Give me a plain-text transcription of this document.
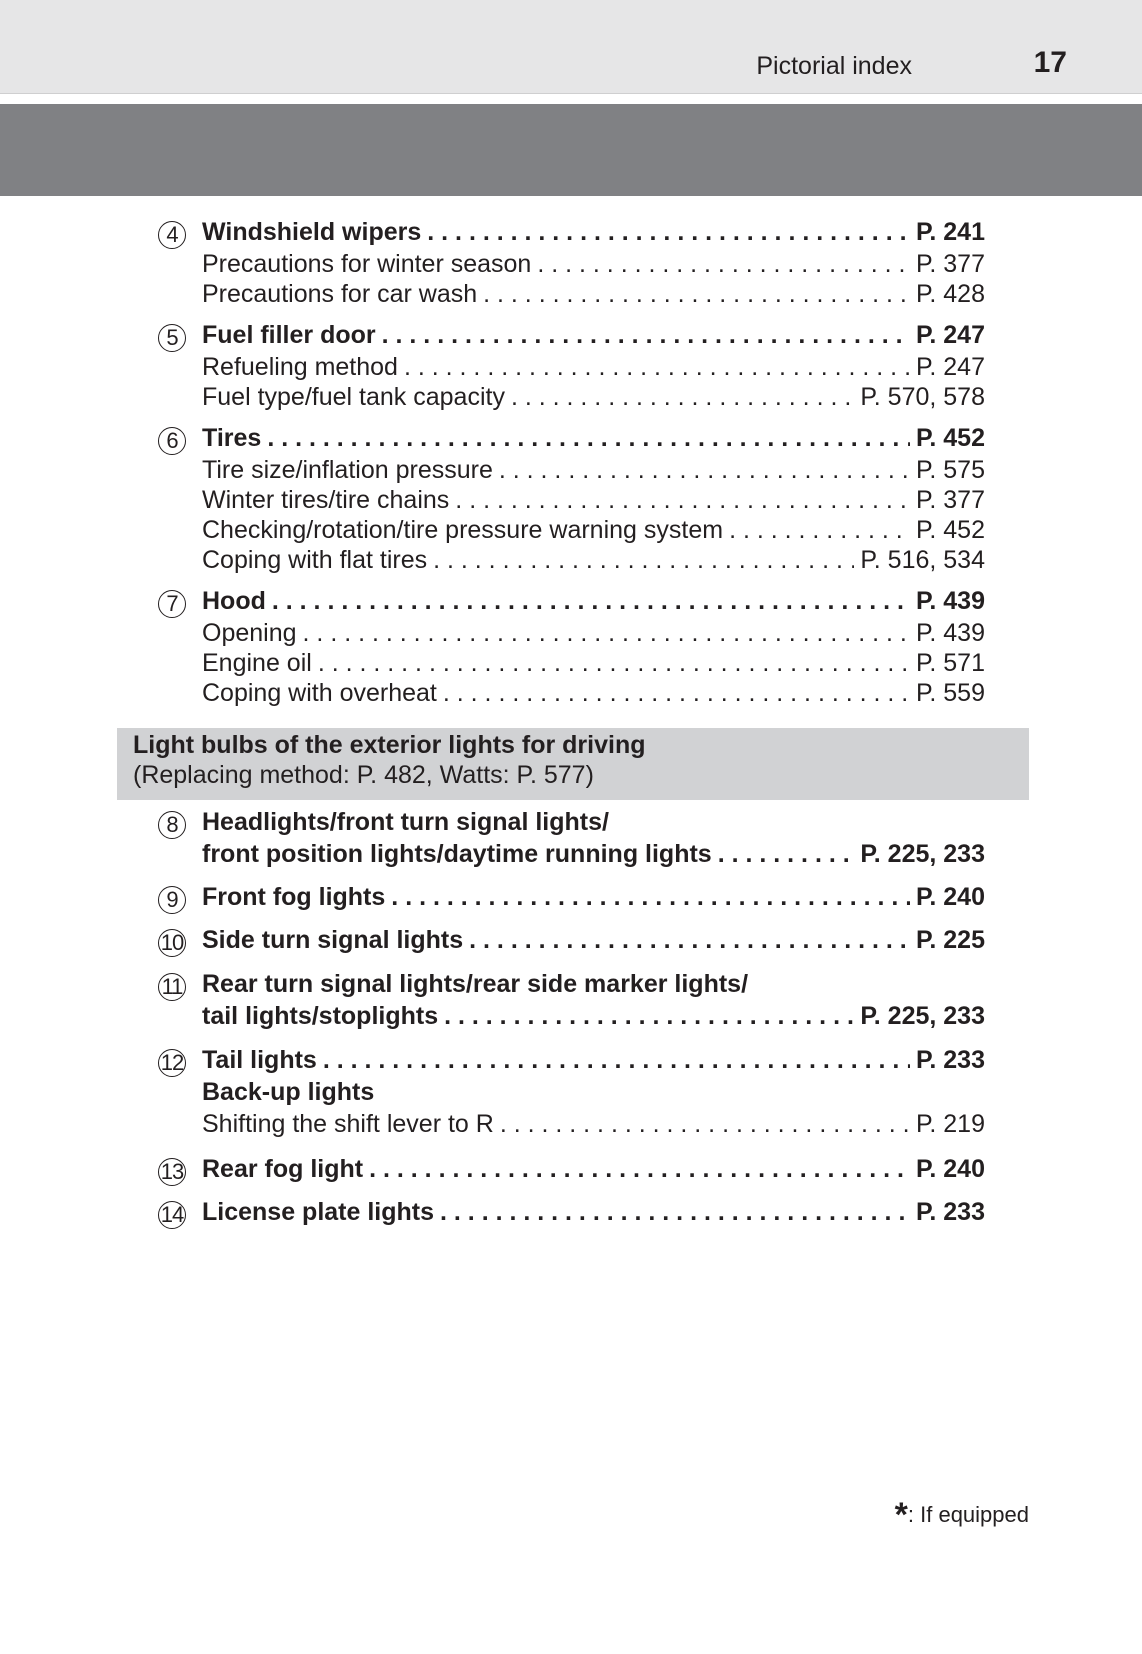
Pictorial index	17
4 Windshield wipers . . .	P. 241
Precautions for winter season . . .	P. 377
Precautions for car wash . . .	P. 428
5 Fuel filler door . . .	P. 247
Refueling method . . .	P. 247
Fuel type/fuel tank capacity . . .	P. 570, 578
6 Tires . . .	P. 452
Tire size/inflation pressure . . .	P. 575
Winter tires/tire chains . . .	P. 377
Checking/rotation/tire pressure warning system . . .	P. 452
Coping with flat tires . . .	P. 516, 534
7 Hood . . .	P. 439
Opening . . .	P. 439
Engine oil . . .	P. 571
Coping with overheat . . .	P. 559
Light bulbs of the exterior lights for driving
(Replacing method: P. 482, Watts: P. 577)
8 Headlights/front turn signal lights/
front position lights/daytime running lights . . .	P. 225, 233
9 Front fog lights . . .	P. 240
10 Side turn signal lights . . .	P. 225
11 Rear turn signal lights/rear side marker lights/
tail lights/stoplights . . .	P. 225, 233
12 Tail lights . . .	P. 233
Back-up lights
Shifting the shift lever to R . . .	P. 219
13 Rear fog light . . .	P. 240
14 License plate lights . . .	P. 233
*: If equipped
